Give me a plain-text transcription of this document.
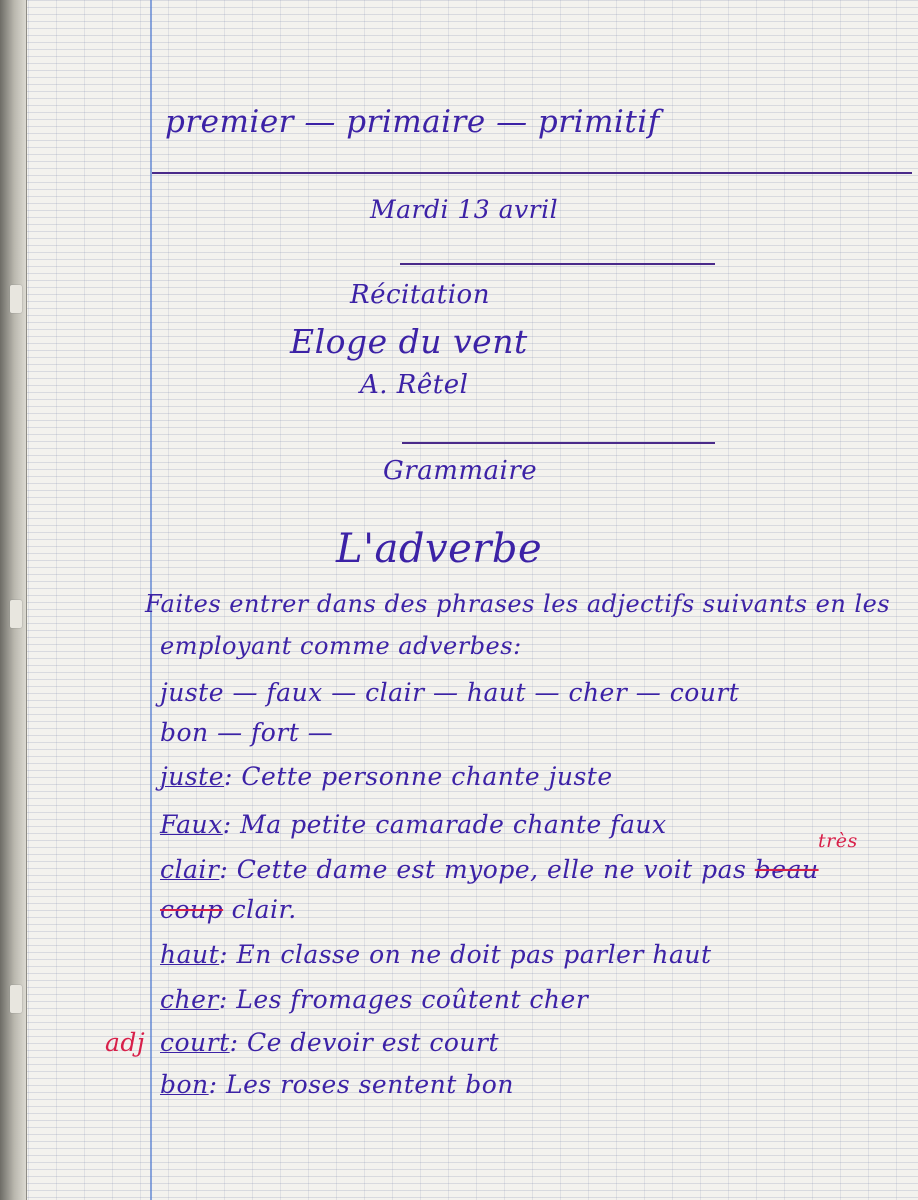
premier — primaire — primitif
Mardi 13 avril
Récitation
Eloge du vent
A. Rêtel
Grammaire
L'adverbe
Faites entrer dans des phrases les adjectifs suivants en les
employant comme adverbes:
juste — faux — clair — haut — cher — court
bon — fort —
juste: Cette personne chante juste
Faux: Ma petite camarade chante faux
clair: Cette dame est myope, elle ne voit pas beau
très
coup clair.
haut: En classe on ne doit pas parler haut
cher: Les fromages coûtent cher
adj court: Ce devoir est court
bon: Les roses sentent bon
